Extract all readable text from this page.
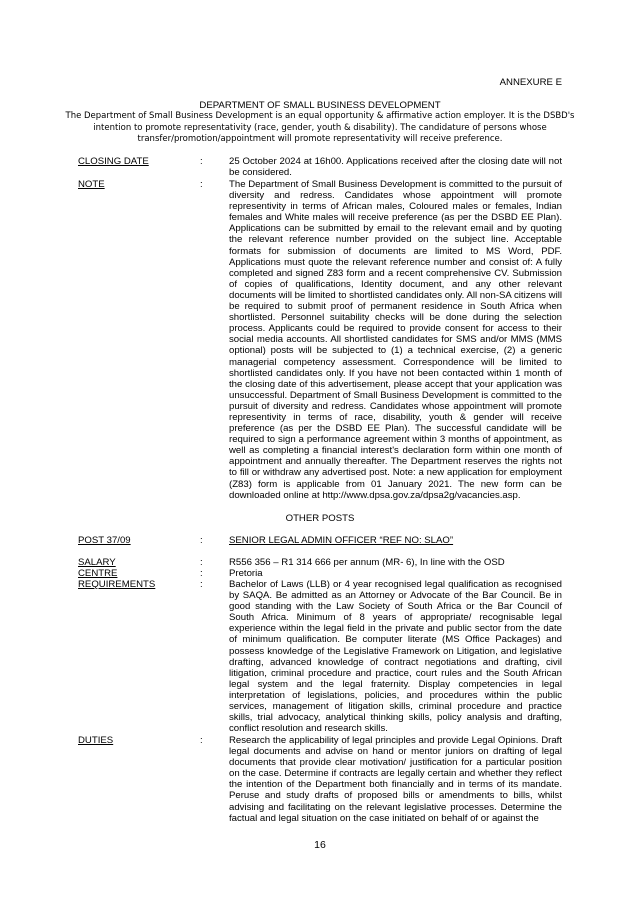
ANNEXURE E
DEPARTMENT OF SMALL BUSINESS DEVELOPMENT
The Department of Small Business Development is an equal opportunity & affirmative action employer. It is the DSBD's intention to promote representativity (race, gender, youth & disability). The candidature of persons whose transfer/promotion/appointment will promote representativity will receive preference.
CLOSING DATE	:	25 October 2024 at 16h00. Applications received after the closing date will not be considered.
NOTE	:	The Department of Small Business Development is committed to the pursuit of diversity and redress. Candidates whose appointment will promote representivity in terms of African males, Coloured males or females, Indian females and White males will receive preference (as per the DSBD EE Plan). Applications can be submitted by email to the relevant email and by quoting the relevant reference number provided on the subject line. Acceptable formats for submission of documents are limited to MS Word, PDF. Applications must quote the relevant reference number and consist of: A fully completed and signed Z83 form and a recent comprehensive CV. Submission of copies of qualifications, Identity document, and any other relevant documents will be limited to shortlisted candidates only. All non-SA citizens will be required to submit proof of permanent residence in South Africa when shortlisted. Personnel suitability checks will be done during the selection process. Applicants could be required to provide consent for access to their social media accounts. All shortlisted candidates for SMS and/or MMS (MMS optional) posts will be subjected to (1) a technical exercise, (2) a generic managerial competency assessment. Correspondence will be limited to shortlisted candidates only. If you have not been contacted within 1 month of the closing date of this advertisement, please accept that your application was unsuccessful. Department of Small Business Development is committed to the pursuit of diversity and redress. Candidates whose appointment will promote representivity in terms of race, disability, youth & gender will receive preference (as per the DSBD EE Plan). The successful candidate will be required to sign a performance agreement within 3 months of appointment, as well as completing a financial interest's declaration form within one month of appointment and annually thereafter. The Department reserves the rights not to fill or withdraw any advertised post. Note: a new application for employment (Z83) form is applicable from 01 January 2021. The new form can be downloaded online at http://www.dpsa.gov.za/dpsa2g/vacancies.asp.
OTHER POSTS
POST 37/09	:	SENIOR LEGAL ADMIN OFFICER “REF NO: SLAO”
SALARY	:	R556 356 – R1 314 666 per annum (MR- 6), In line with the OSD
CENTRE	:	Pretoria
REQUIREMENTS	:	Bachelor of Laws (LLB) or 4 year recognised legal qualification as recognised by SAQA. Be admitted as an Attorney or Advocate of the Bar Council. Be in good standing with the Law Society of South Africa or the Bar Council of South Africa. Minimum of 8 years of appropriate/ recognisable legal experience within the legal field in the private and public sector from the date of minimum qualification. Be computer literate (MS Office Packages) and possess knowledge of the Legislative Framework on Litigation, and legislative drafting, advanced knowledge of contract negotiations and drafting, civil litigation, criminal procedure and practice, court rules and the South African legal system and the legal fraternity. Display competencies in legal interpretation of legislations, policies, and procedures within the public services, management of litigation skills, criminal procedure and practice skills, trial advocacy, analytical thinking skills, policy analysis and drafting, conflict resolution and research skills.
DUTIES	:	Research the applicability of legal principles and provide Legal Opinions. Draft legal documents and advise on hand or mentor juniors on drafting of legal documents that provide clear motivation/ justification for a particular position on the case. Determine if contracts are legally certain and whether they reflect the intention of the Department both financially and in terms of its mandate. Peruse and study drafts of proposed bills or amendments to bills, whilst advising and facilitating on the relevant legislative processes. Determine the factual and legal situation on the case initiated on behalf of or against the
16
